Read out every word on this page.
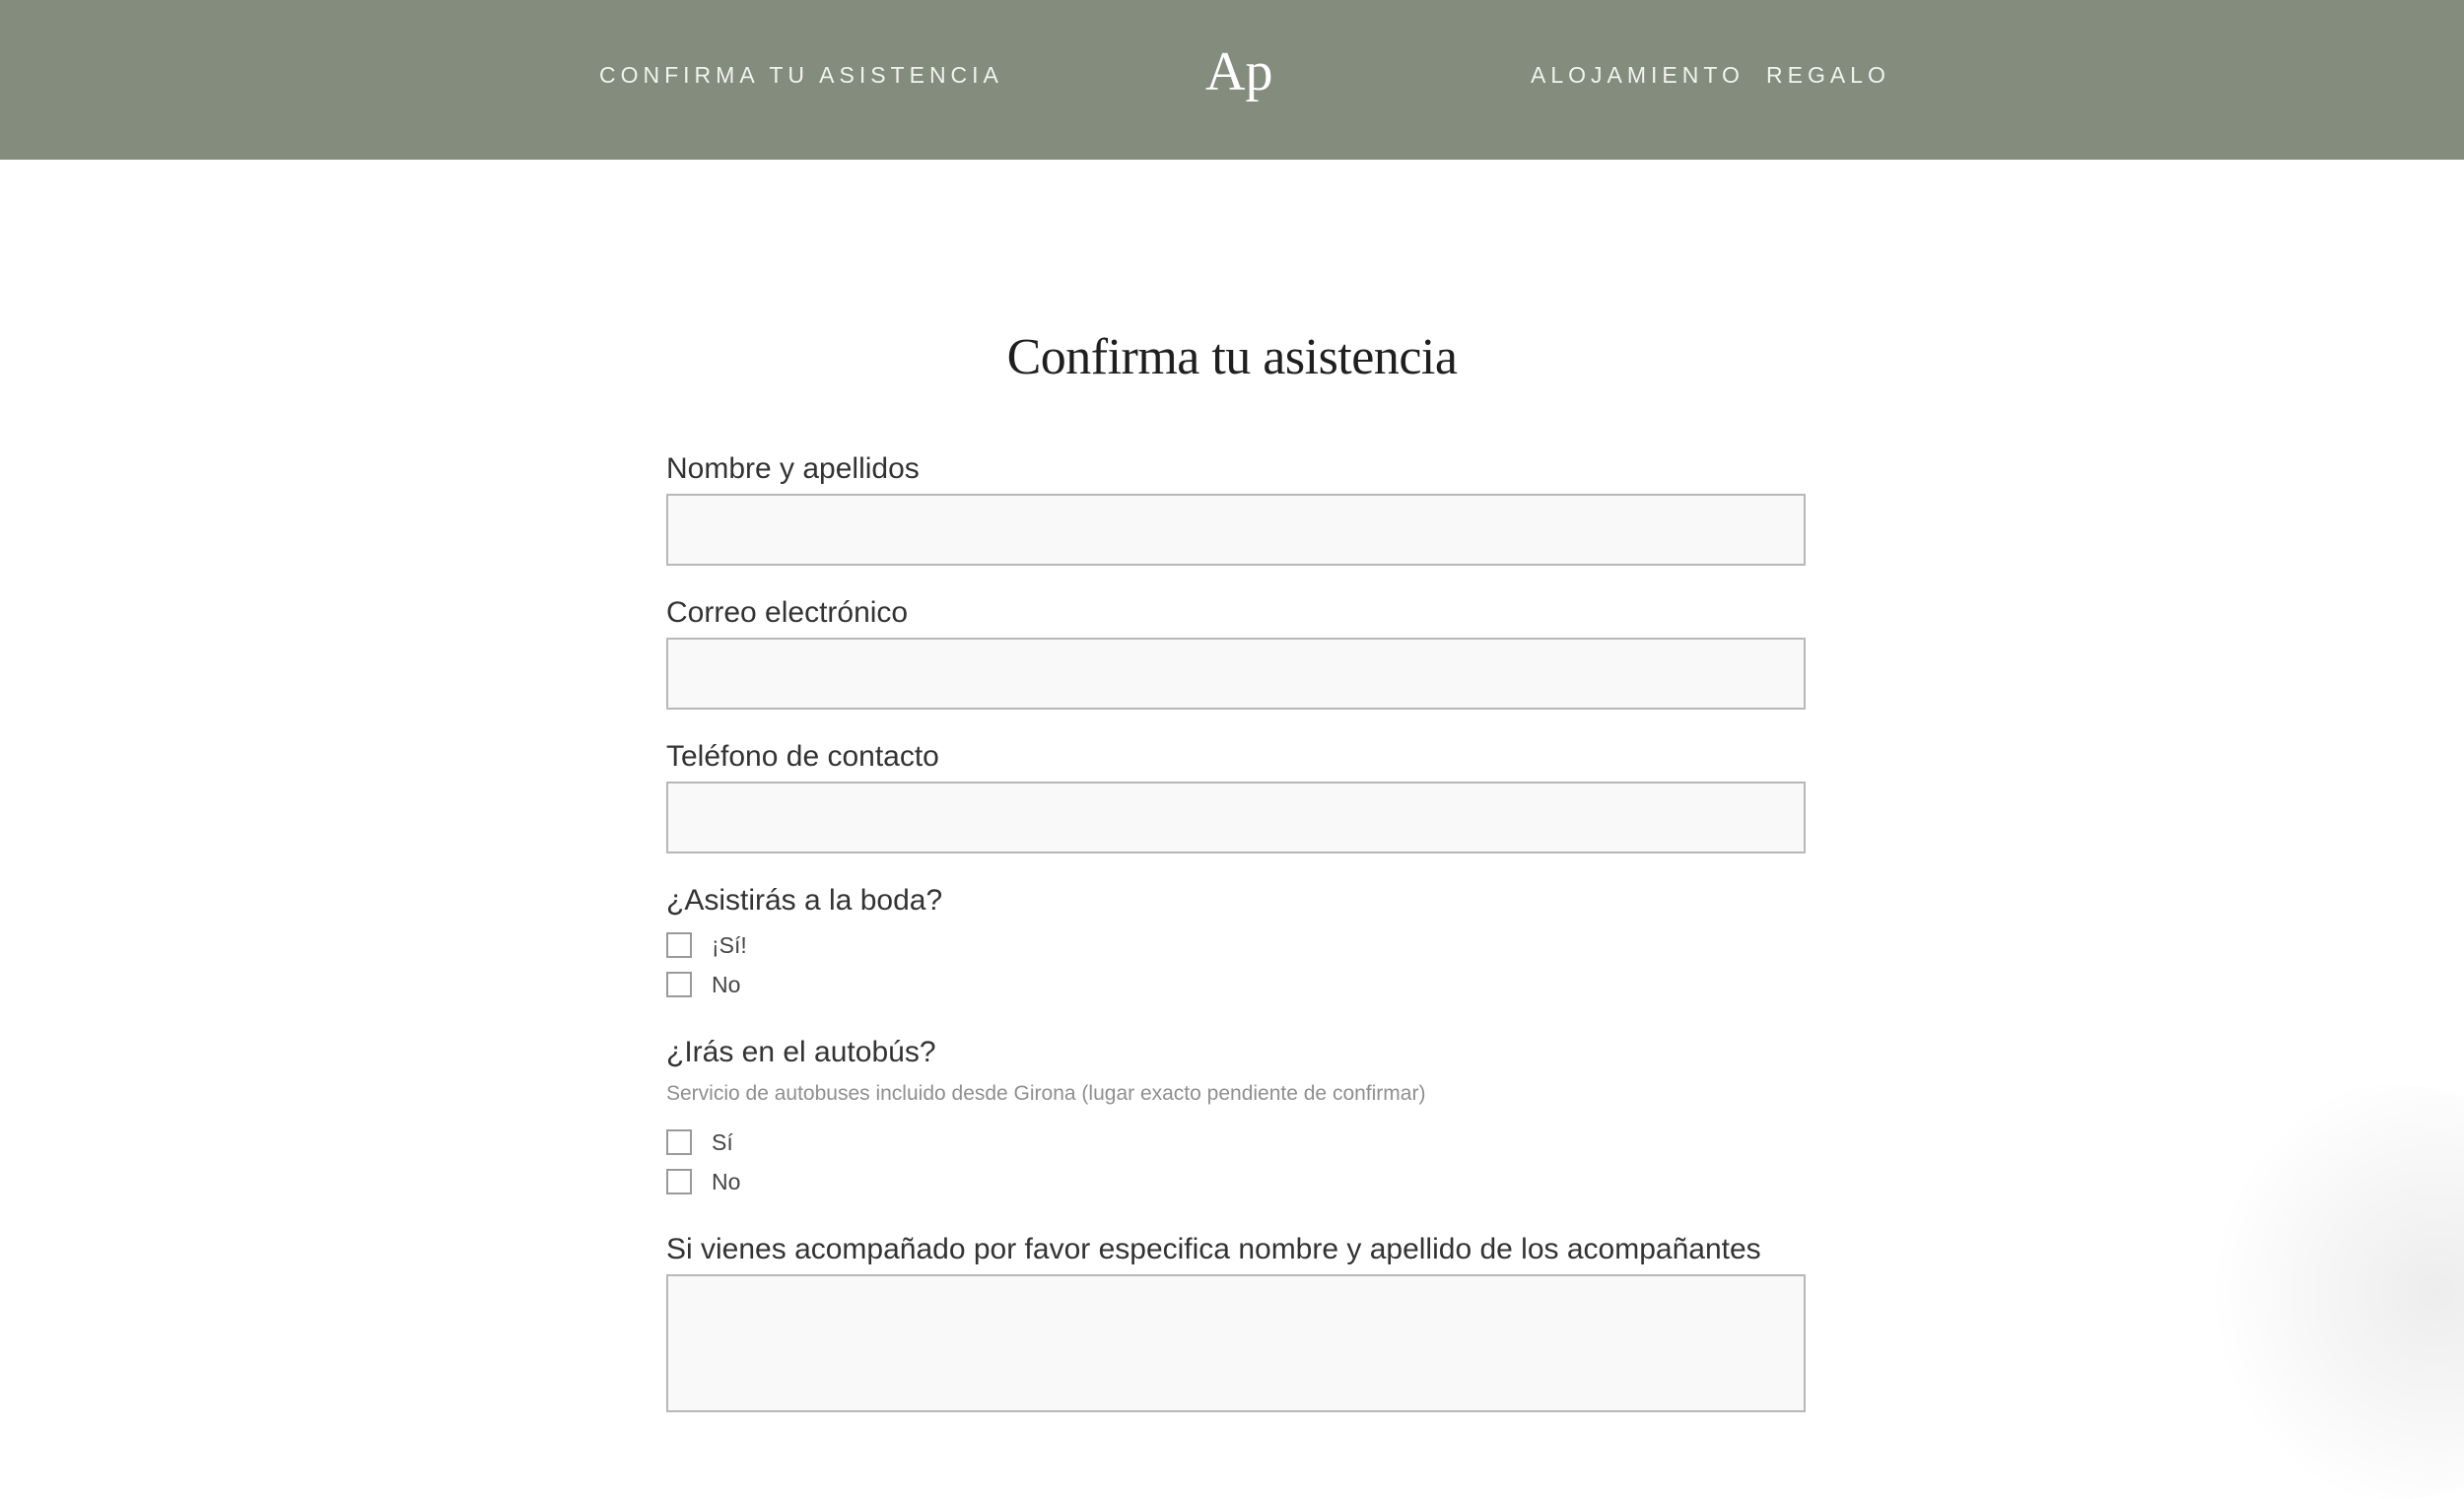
CONFIRMA TU ASISTENCIA	Ap	ALOJAMIENTO REGALO
Confirma tu asistencia
Nombre y apellidos
Correo electrónico
Teléfono de contacto
¿Asistirás a la boda?
¡Sí!
No
¿Irás en el autobús?
Servicio de autobuses incluido desde Girona (lugar exacto pendiente de confirmar)
Sí
No
Si vienes acompañado por favor especifica nombre y apellido de los acompañantes
